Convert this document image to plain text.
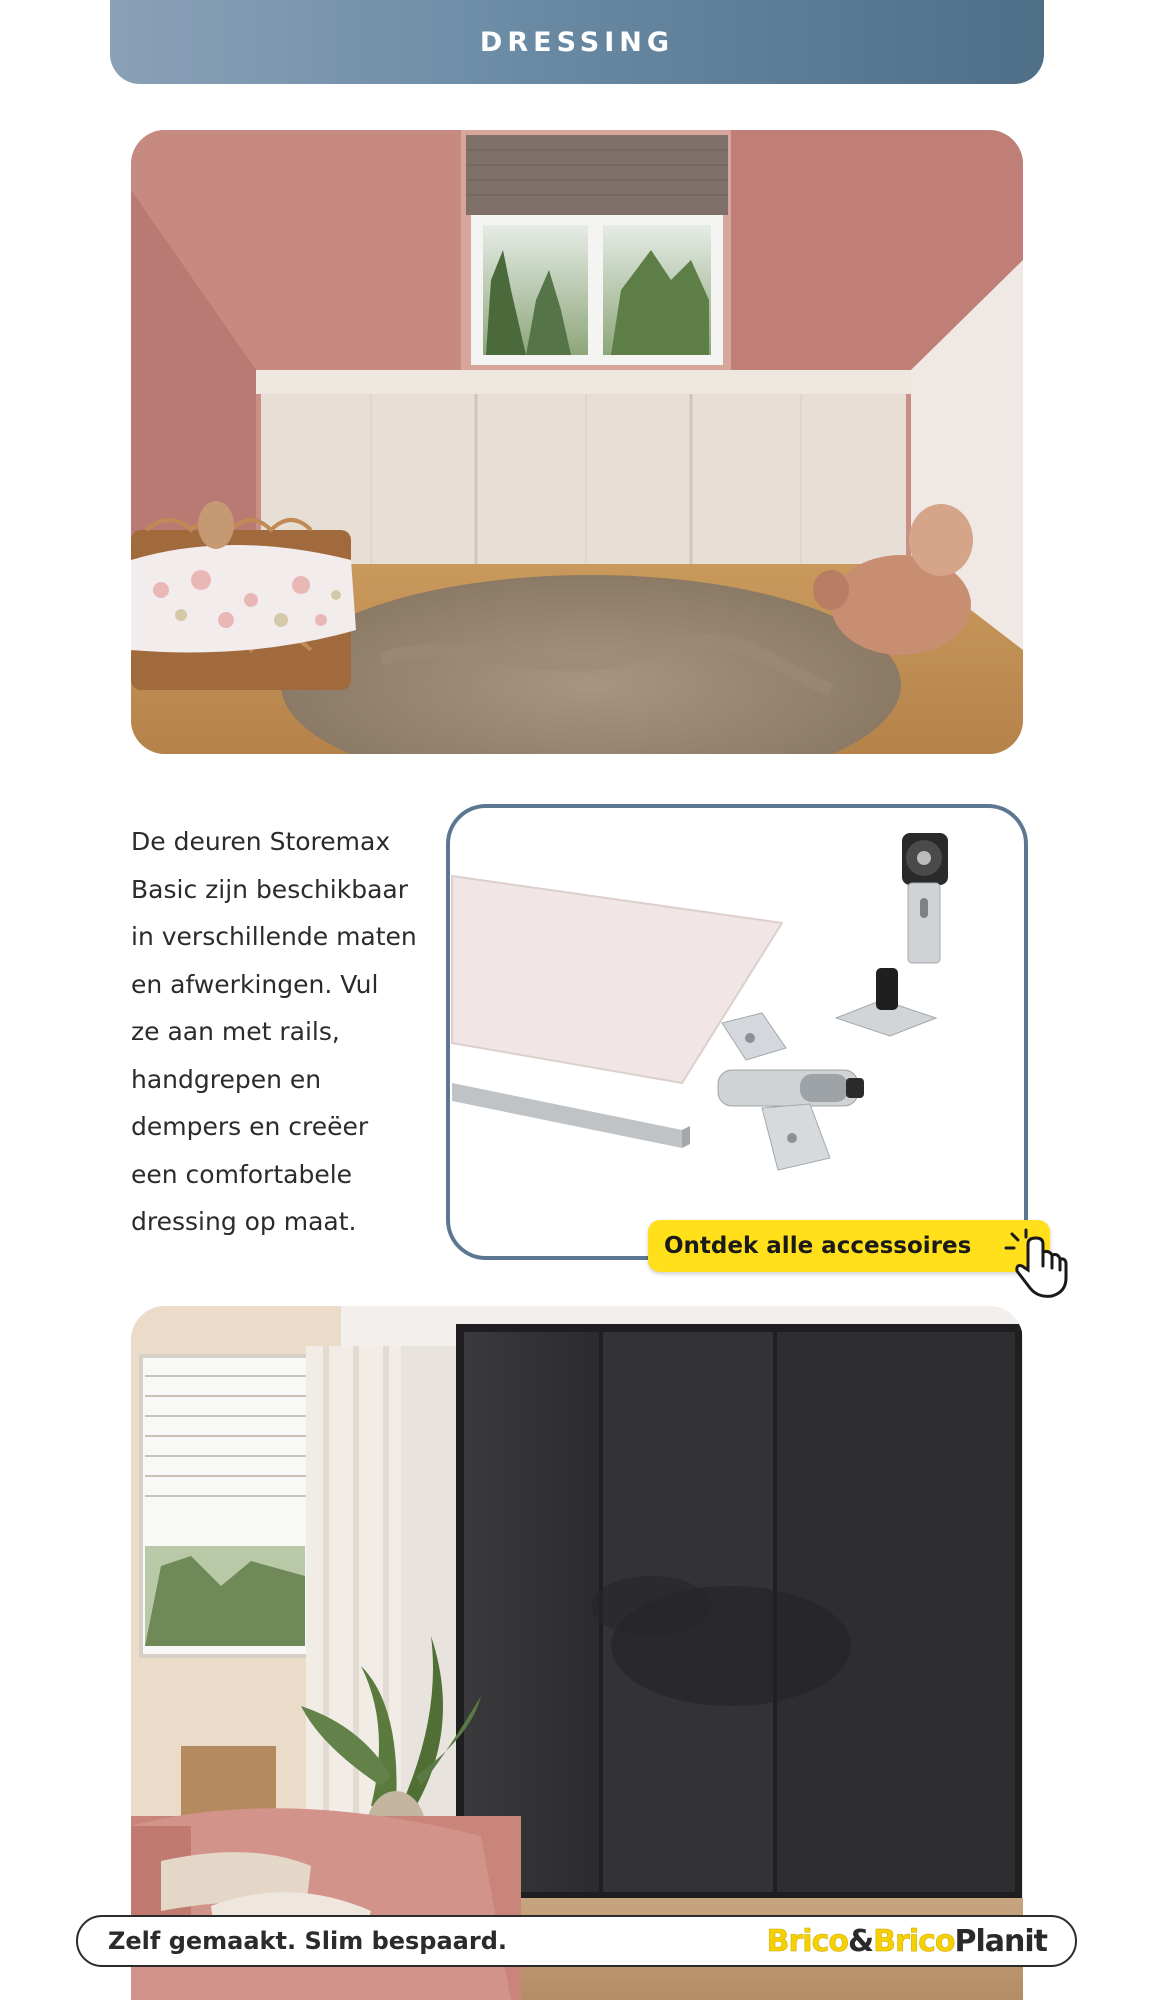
DRESSING

De deuren Storemax
Basic zijn beschikbaar
in verschillende maten
en afwerkingen. Vul
ze aan met rails,
handgrepen en
dempers en creëer
een comfortabele
dressing op maat.

Ontdek alle accessoires
Zelf gemaakt. Slim bespaard.	Brico & Brico Planit
